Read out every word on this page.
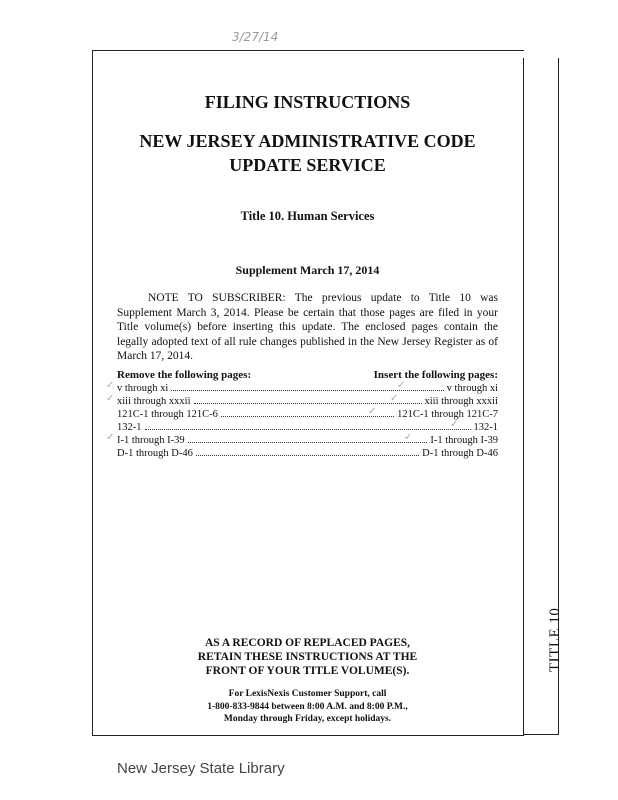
3/27/14
TITLE 10
FILING INSTRUCTIONS
NEW JERSEY ADMINISTRATIVE CODE
UPDATE SERVICE
Title 10. Human Services
Supplement March 17, 2014
NOTE TO SUBSCRIBER: The previous update to Title 10 was Supplement March 3, 2014. Please be certain that those pages are filed in your Title volume(s) before inserting this update. The enclosed pages contain the legally adopted text of all rule changes published in the New Jersey Register as of March 17, 2014.
Remove the following pages:	Insert the following pages:
v through xi	v through xi
xiii through xxxii	xiii through xxxii
121C-1 through 121C-6	121C-1 through 121C-7
132-1	132-1
I-1 through I-39	I-1 through I-39
D-1 through D-46	D-1 through D-46
✓
✓
✓
✓
✓
✓
✓
✓
AS A RECORD OF REPLACED PAGES,
RETAIN THESE INSTRUCTIONS AT THE
FRONT OF YOUR TITLE VOLUME(S).
For LexisNexis Customer Support, call
1-800-833-9844 between 8:00 A.M. and 8:00 P.M.,
Monday through Friday, except holidays.
New Jersey State Library
